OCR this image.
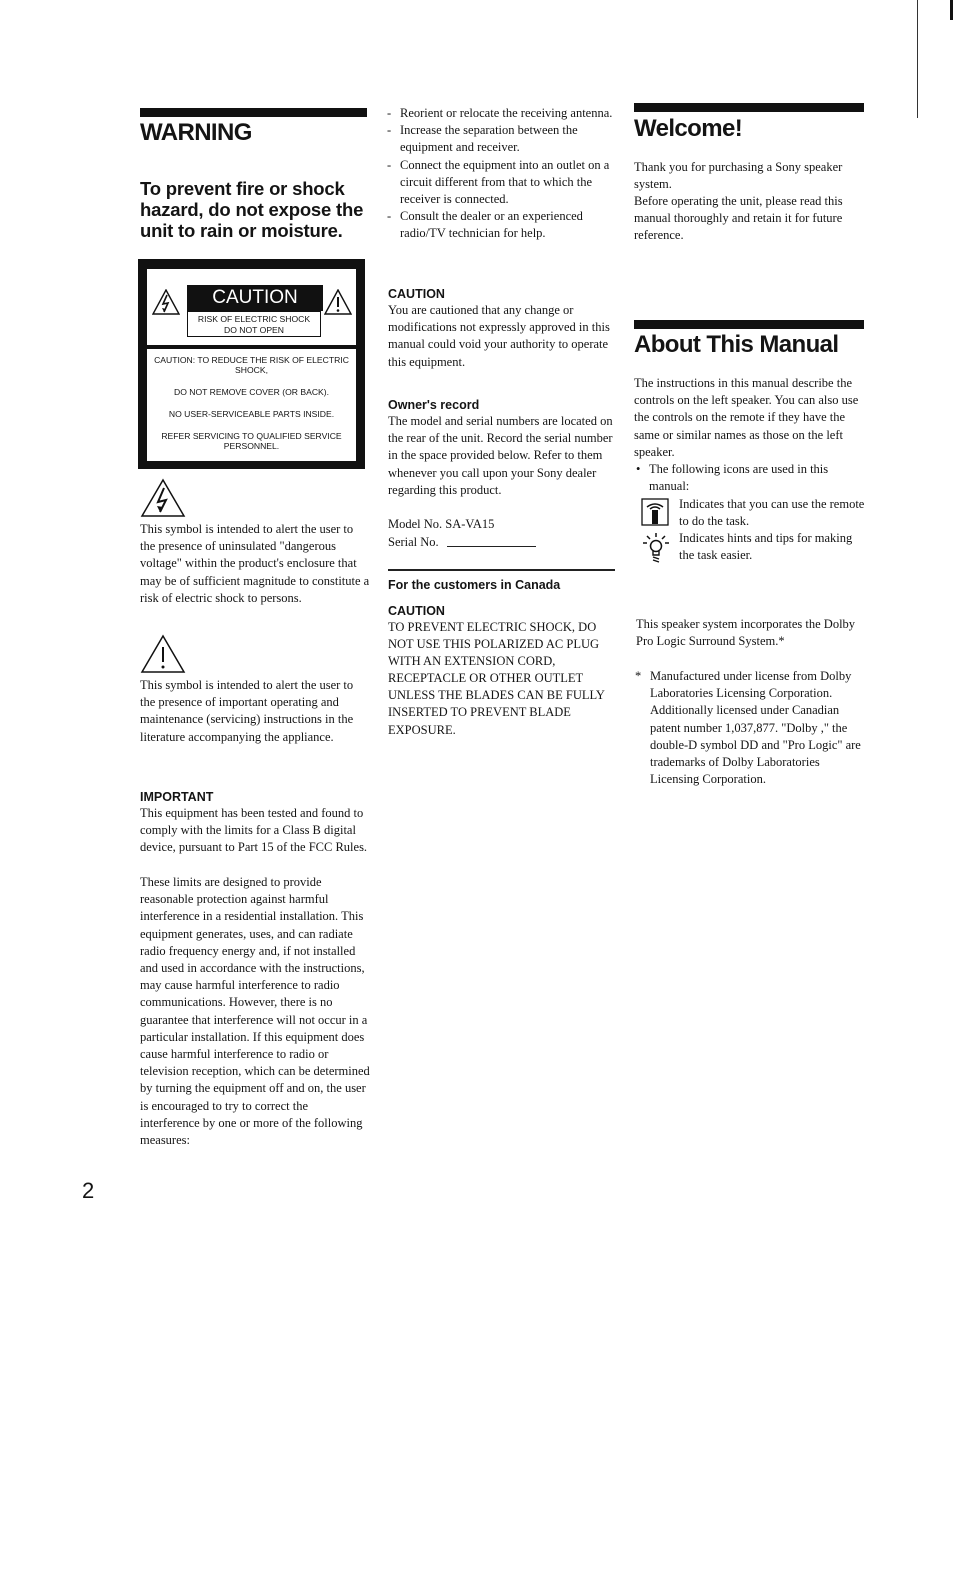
WARNING
To prevent fire or shock hazard, do not expose the unit to rain or moisture.
CAUTION
RISK OF ELECTRIC SHOCK
DO NOT OPEN
CAUTION: TO REDUCE THE RISK OF ELECTRIC SHOCK,
DO NOT REMOVE COVER (OR BACK).
NO USER-SERVICEABLE PARTS INSIDE.
REFER SERVICING TO QUALIFIED SERVICE PERSONNEL.

This symbol is intended to alert the user to the presence of uninsulated "dangerous voltage" within the product's enclosure that may be of sufficient magnitude to constitute a risk of electric shock to persons.

This symbol is intended to alert the user to the presence of important operating and maintenance (servicing) instructions in the literature accompanying the appliance.

IMPORTANT

This equipment has been tested and found to comply with the limits for a Class B digital device, pursuant to Part 15 of the FCC Rules.

These limits are designed to provide reasonable protection against harmful interference in a residential installation. This equipment generates, uses, and can radiate radio frequency energy and, if not installed and used in accordance with the instructions, may cause harmful interference to radio communications. However, there is no guarantee that interference will not occur in a particular installation. If this equipment does cause harmful interference to radio or television reception, which can be determined by turning the equipment off and on, the user is encouraged to try to correct the interference by one or more of the following measures:

2
- Reorient or relocate the receiving antenna.
- Increase the separation between the equipment and receiver.
- Connect the equipment into an outlet on a circuit different from that to which the receiver is connected.
- Consult the dealer or an experienced radio/TV technician for help.
CAUTION

You are cautioned that any change or modifications not expressly approved in this manual could void your authority to operate this equipment.

Owner's record

The model and serial numbers are located on the rear of the unit. Record the serial number in the space provided below. Refer to them whenever you call upon your Sony dealer regarding this product.

Model No. SA-VA15

Serial No.

For the customers in Canada
CAUTION

TO PREVENT ELECTRIC SHOCK, DO NOT USE THIS POLARIZED AC PLUG WITH AN EXTENSION CORD, RECEPTACLE OR OTHER OUTLET UNLESS THE BLADES CAN BE FULLY INSERTED TO PREVENT BLADE EXPOSURE.

Welcome!

Thank you for purchasing a Sony speaker system.

Before operating the unit, please read this manual thoroughly and retain it for future reference.

About This Manual

The instructions in this manual describe the controls on the left speaker. You can also use the controls on the remote if they have the same or similar names as those on the left speaker.

• The following icons are used in this manual:

Indicates that you can use the remote to do the task.

Indicates hints and tips for making the task easier.

This speaker system incorporates the Dolby Pro Logic Surround System.*

* Manufactured under license from Dolby Laboratories Licensing Corporation. Additionally licensed under Canadian patent number 1,037,877. "Dolby ," the double-D symbol DD and "Pro Logic" are trademarks of Dolby Laboratories Licensing Corporation.
